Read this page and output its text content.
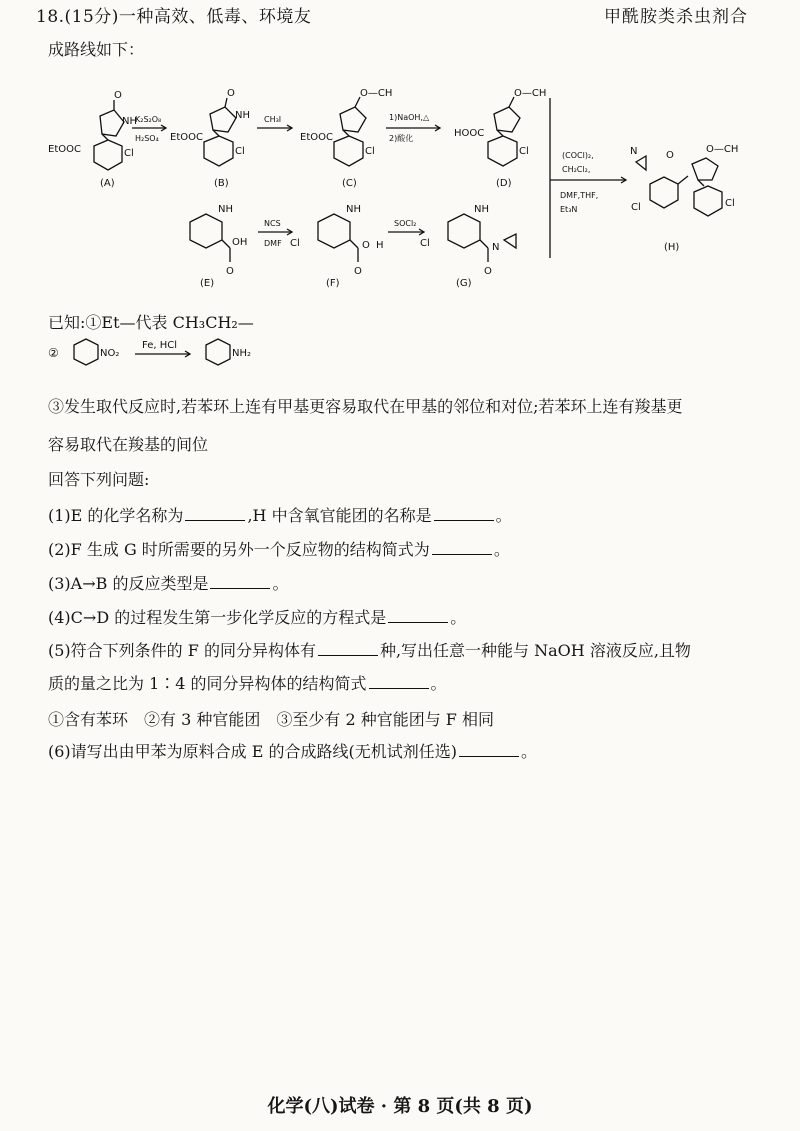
18.(15分)一种高效、低毒、环境友	甲酰胺类杀虫剂合
成路线如下：
EtOOC
NH
O
Cl
(A)
K₂S₂O₈
H₂SO₄ EtOOC
NH
O
Cl
(B)
CH₃I
EtOOC
O—CH
Cl
(C)
1)NaOH,△
2)酸化	HOOC
O—CH
Cl
(D)
(COCl)₂,
CH₂Cl₂,
DMF,THF,
Et₃N
N	O
O—CH
Cl	Cl
(H)
NH
OH
O
(E)
NCS
DMF Cl
NH
O H
O
(F)
SOCl₂
Cl
NH
N
O
(G)
②	NO₂
Fe, HCl
NH₂
已知:①Et—代表 CH₃CH₂—
③发生取代反应时,若苯环上连有甲基更容易取代在甲基的邻位和对位;若苯环上连有羧基更
容易取代在羧基的间位
回答下列问题:
(1)E 的化学名称为	,H 中含氧官能团的名称是	。
(2)F 生成 G 时所需要的另外一个反应物的结构简式为	。
(3)A→B 的反应类型是	。
(4)C→D 的过程发生第一步化学反应的方程式是	。
(5)符合下列条件的 F 的同分异构体有	种,写出任意一种能与 NaOH 溶液反应,且物
质的量之比为 1∶4 的同分异构体的结构简式	。
①含有苯环　②有 3 种官能团　③至少有 2 种官能团与 F 相同
(6)请写出由甲苯为原料合成 E 的合成路线(无机试剂任选)	。
化学(八)试卷 · 第 8 页(共 8 页)
